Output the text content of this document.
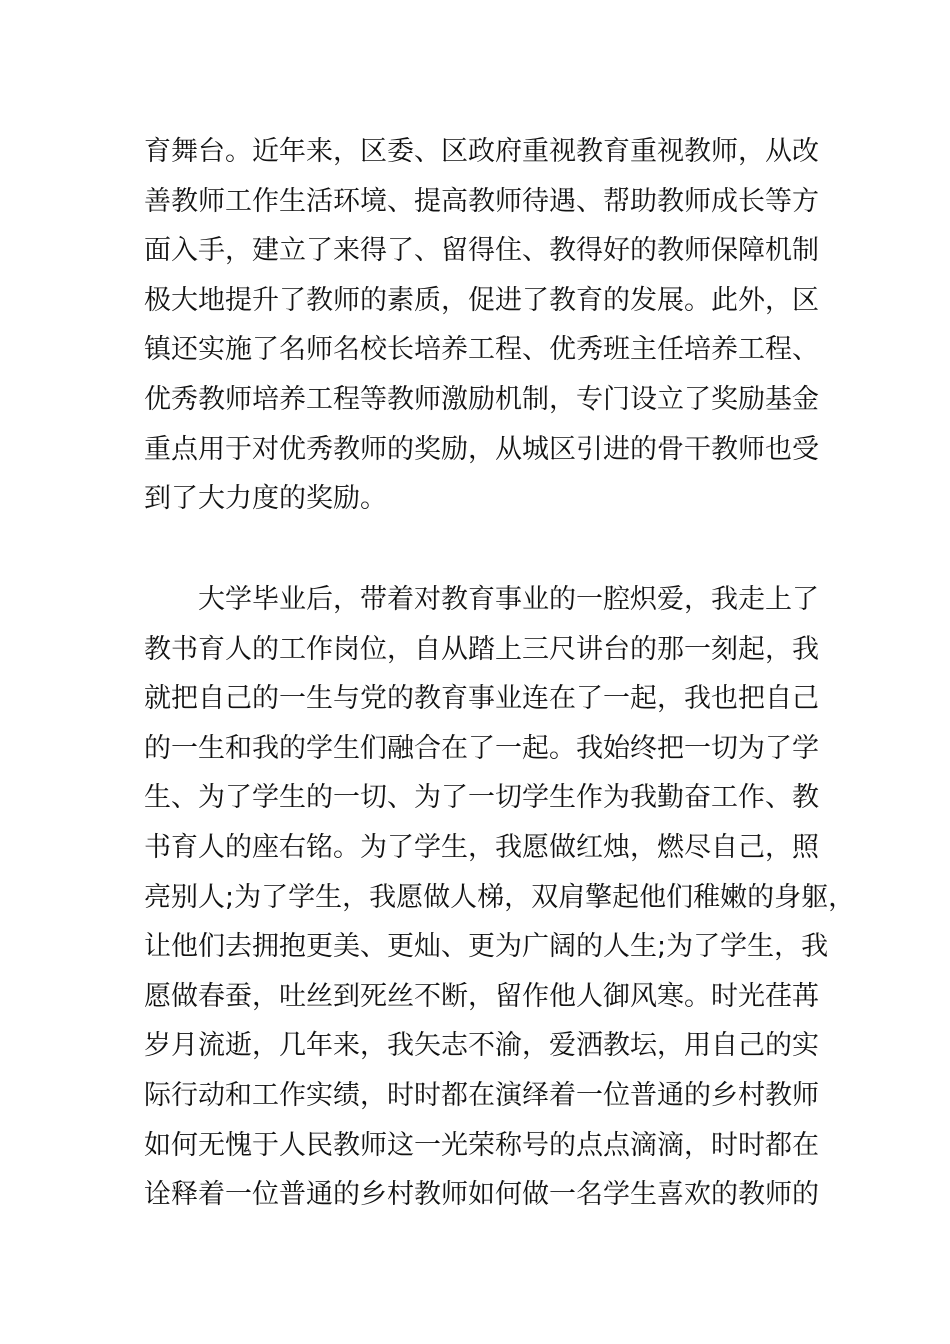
育舞台。近年来，区委、区政府重视教育重视教师，从改
善教师工作生活环境、提高教师待遇、帮助教师成长等方
面入手，建立了来得了、留得住、教得好的教师保障机制
极大地提升了教师的素质，促进了教育的发展。此外，区
镇还实施了名师名校长培养工程、优秀班主任培养工程、
优秀教师培养工程等教师激励机制，专门设立了奖励基金
重点用于对优秀教师的奖励，从城区引进的骨干教师也受
到了大力度的奖励。
大学毕业后，带着对教育事业的一腔炽爱，我走上了
教书育人的工作岗位，自从踏上三尺讲台的那一刻起，我
就把自己的一生与党的教育事业连在了一起，我也把自己
的一生和我的学生们融合在了一起。我始终把一切为了学
生、为了学生的一切、为了一切学生作为我勤奋工作、教
书育人的座右铭。为了学生，我愿做红烛，燃尽自己，照
亮别人;为了学生，我愿做人梯，双肩擎起他们稚嫩的身躯，
让他们去拥抱更美、更灿、更为广阔的人生;为了学生，我
愿做春蚕，吐丝到死丝不断，留作他人御风寒。时光荏苒
岁月流逝，几年来，我矢志不渝，爱洒教坛，用自己的实
际行动和工作实绩，时时都在演绎着一位普通的乡村教师
如何无愧于人民教师这一光荣称号的点点滴滴，时时都在
诠释着一位普通的乡村教师如何做一名学生喜欢的教师的
